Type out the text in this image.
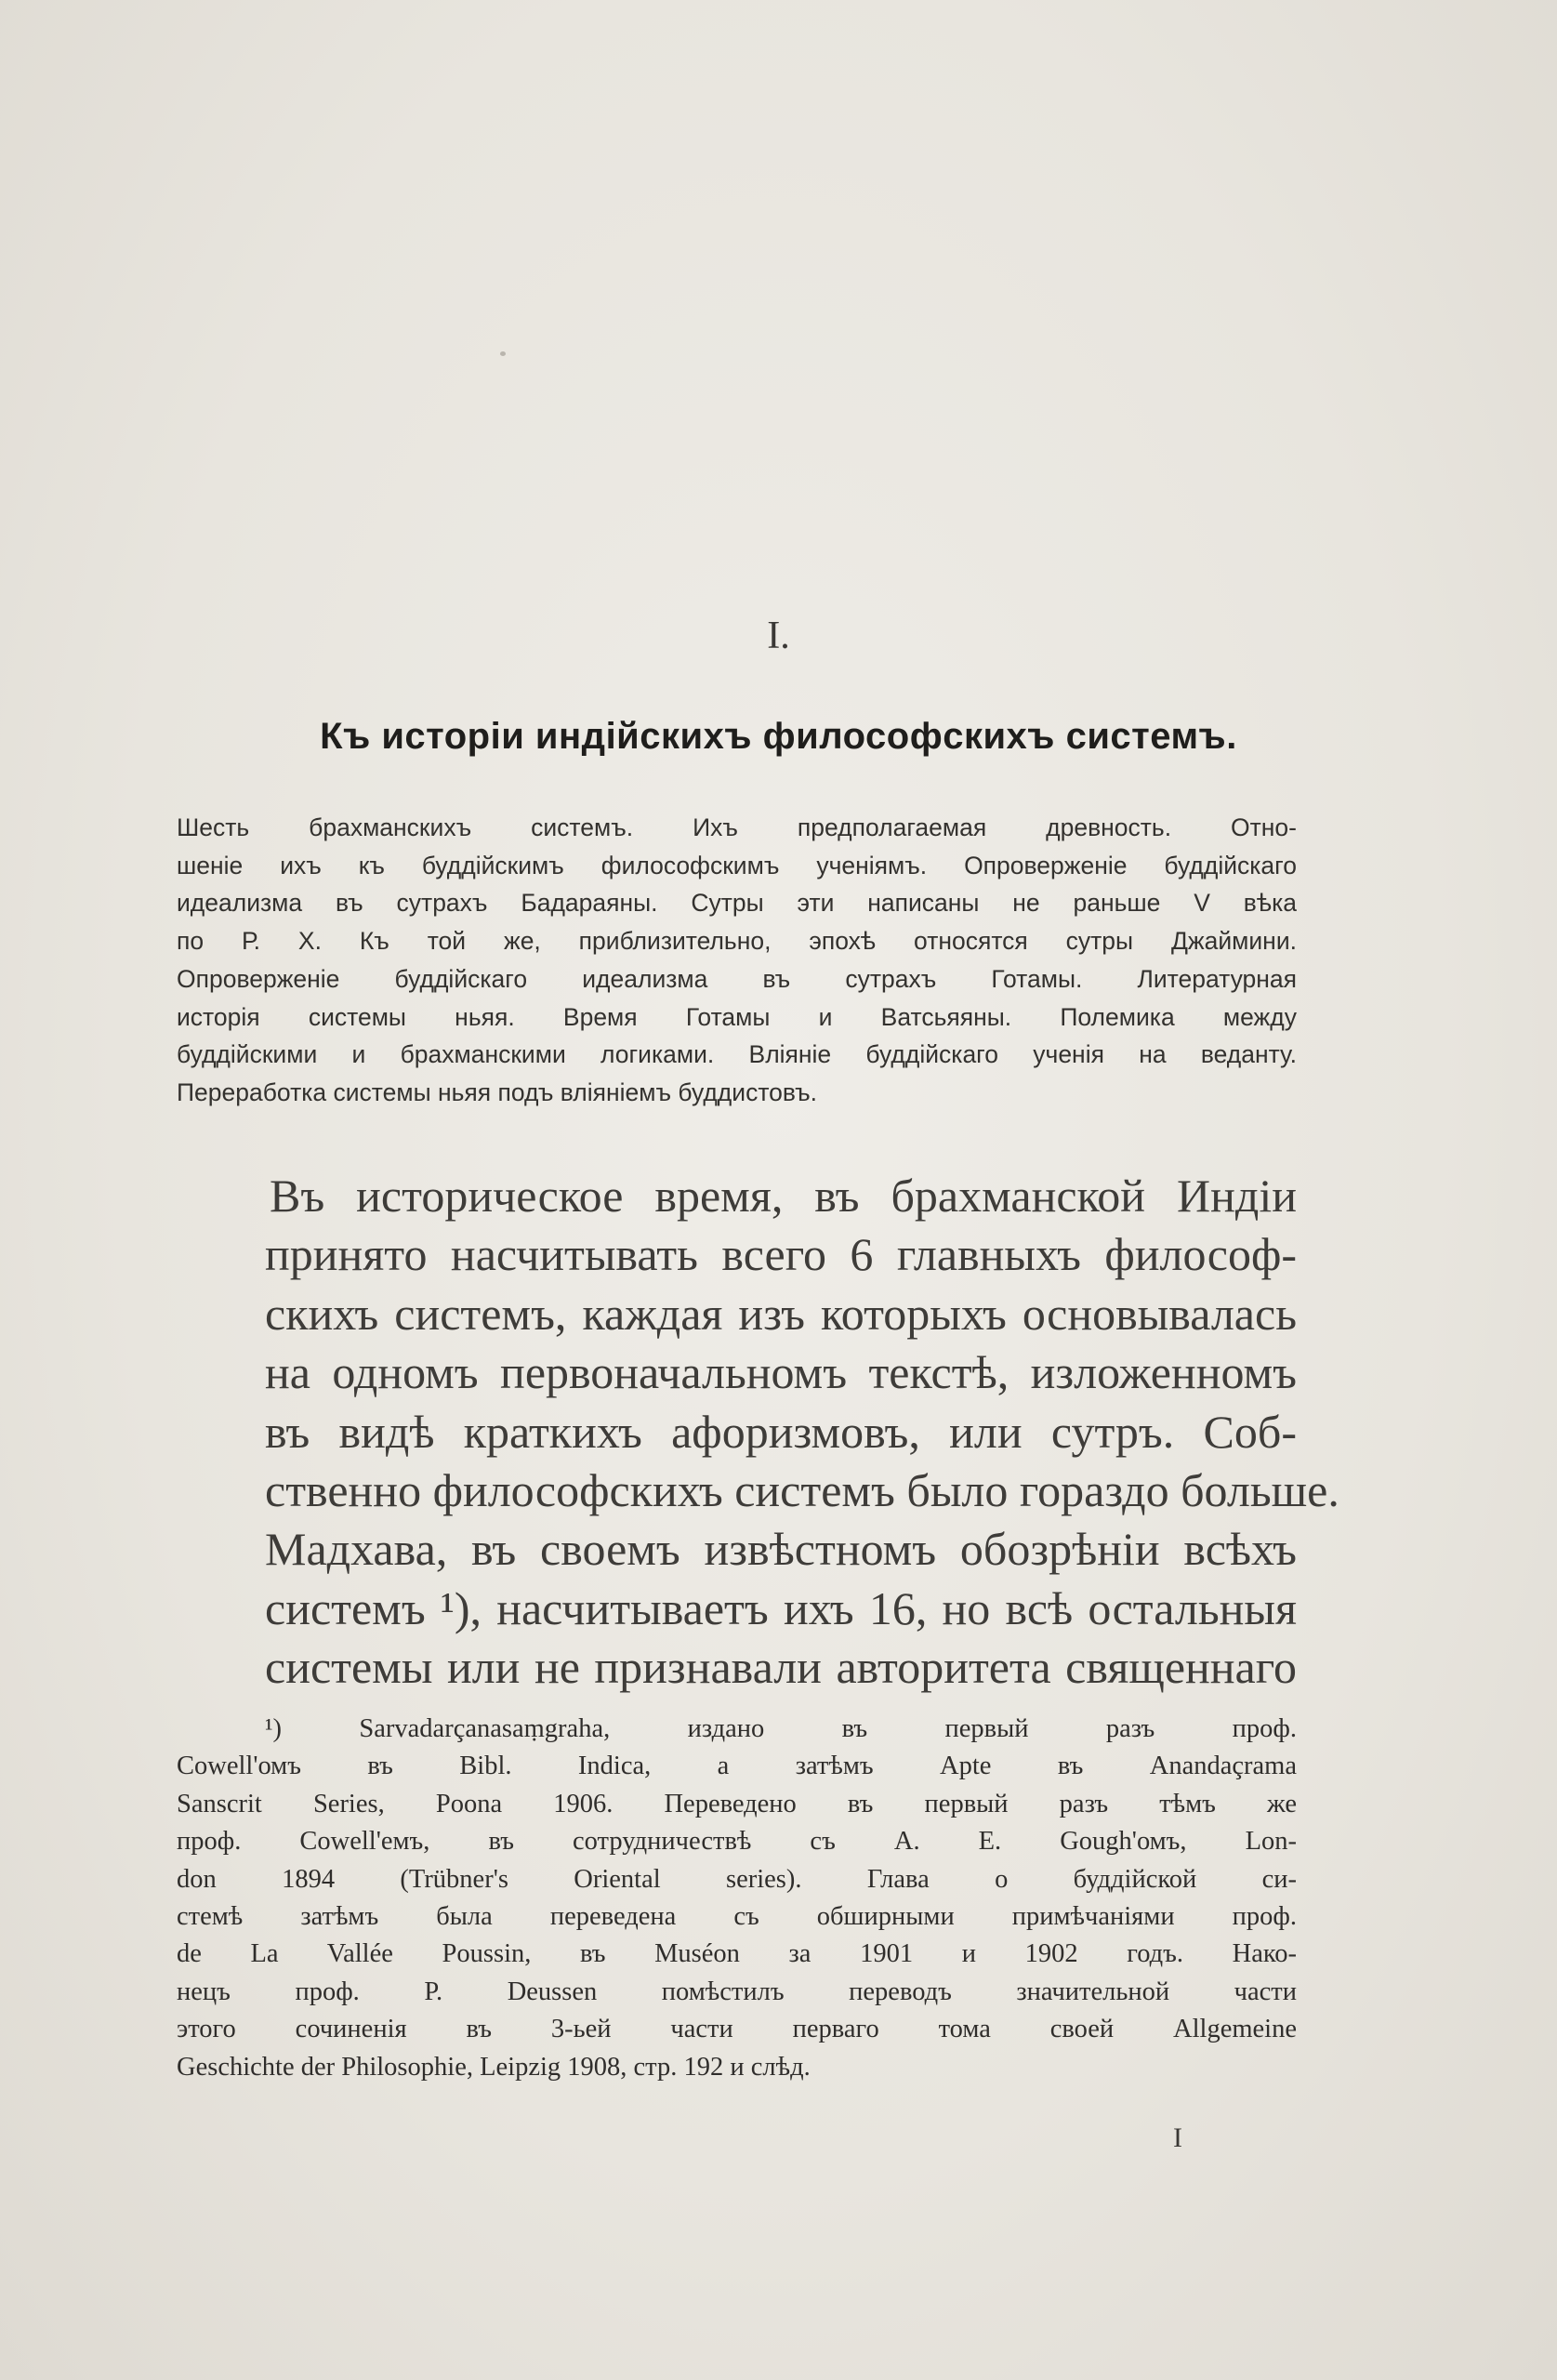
I.
Къ исторіи индійскихъ философскихъ системъ.
Шесть брахманскихъ системъ. Ихъ предполагаемая древность. Отно-
шеніе ихъ къ буддійскимъ философскимъ ученіямъ. Опроверженіе буддійскаго
идеализма въ сутрахъ Бадараяны. Сутры эти написаны не раньше V вѣка
по Р. Х. Къ той же, приблизительно, эпохѣ относятся сутры Джаймини.
Опроверженіе буддійскаго идеализма въ сутрахъ Готамы. Литературная
исторія системы ньяя. Время Готамы и Ватсьяяны. Полемика между
буддійскими и брахманскими логиками. Вліяніе буддійскаго ученія на веданту.
Переработка системы ньяя подъ вліяніемъ буддистовъ.
Въ историческое время, въ брахманской Индіи
принято насчитывать всего 6 главныхъ философ-
скихъ системъ, каждая изъ которыхъ основывалась
на одномъ первоначальномъ текстѣ, изложенномъ
въ видѣ краткихъ афоризмовъ, или сутръ. Соб-
ственно философскихъ системъ было гораздо больше.
Мадхава, въ своемъ извѣстномъ обозрѣніи всѣхъ
системъ ¹), насчитываетъ ихъ 16, но всѣ остальныя
системы или не признавали авторитета священнаго
¹) Sarvadarçanasaṃgraha, издано въ первый разъ проф.
Cowell'омъ въ Bibl. Indica, а затѣмъ Apte въ Anandaçrama
Sanscrit Series, Poona 1906. Переведено въ первый разъ тѣмъ же
проф. Cowell'емъ, въ сотрудничествѣ съ A. E. Gough'омъ, Lon-
don 1894 (Trübner's Oriental series). Глава о буддійской си-
стемѣ затѣмъ была переведена съ обширными примѣчаніями проф.
de La Vallée Poussin, въ Muséon за 1901 и 1902 годъ. Нако-
нецъ проф. P. Deussen помѣстилъ переводъ значительной части
этого сочиненія въ 3-ьей части перваго тома своей Allgemeine
Geschichte der Philosophie, Leipzig 1908, стр. 192 и слѣд.
I
